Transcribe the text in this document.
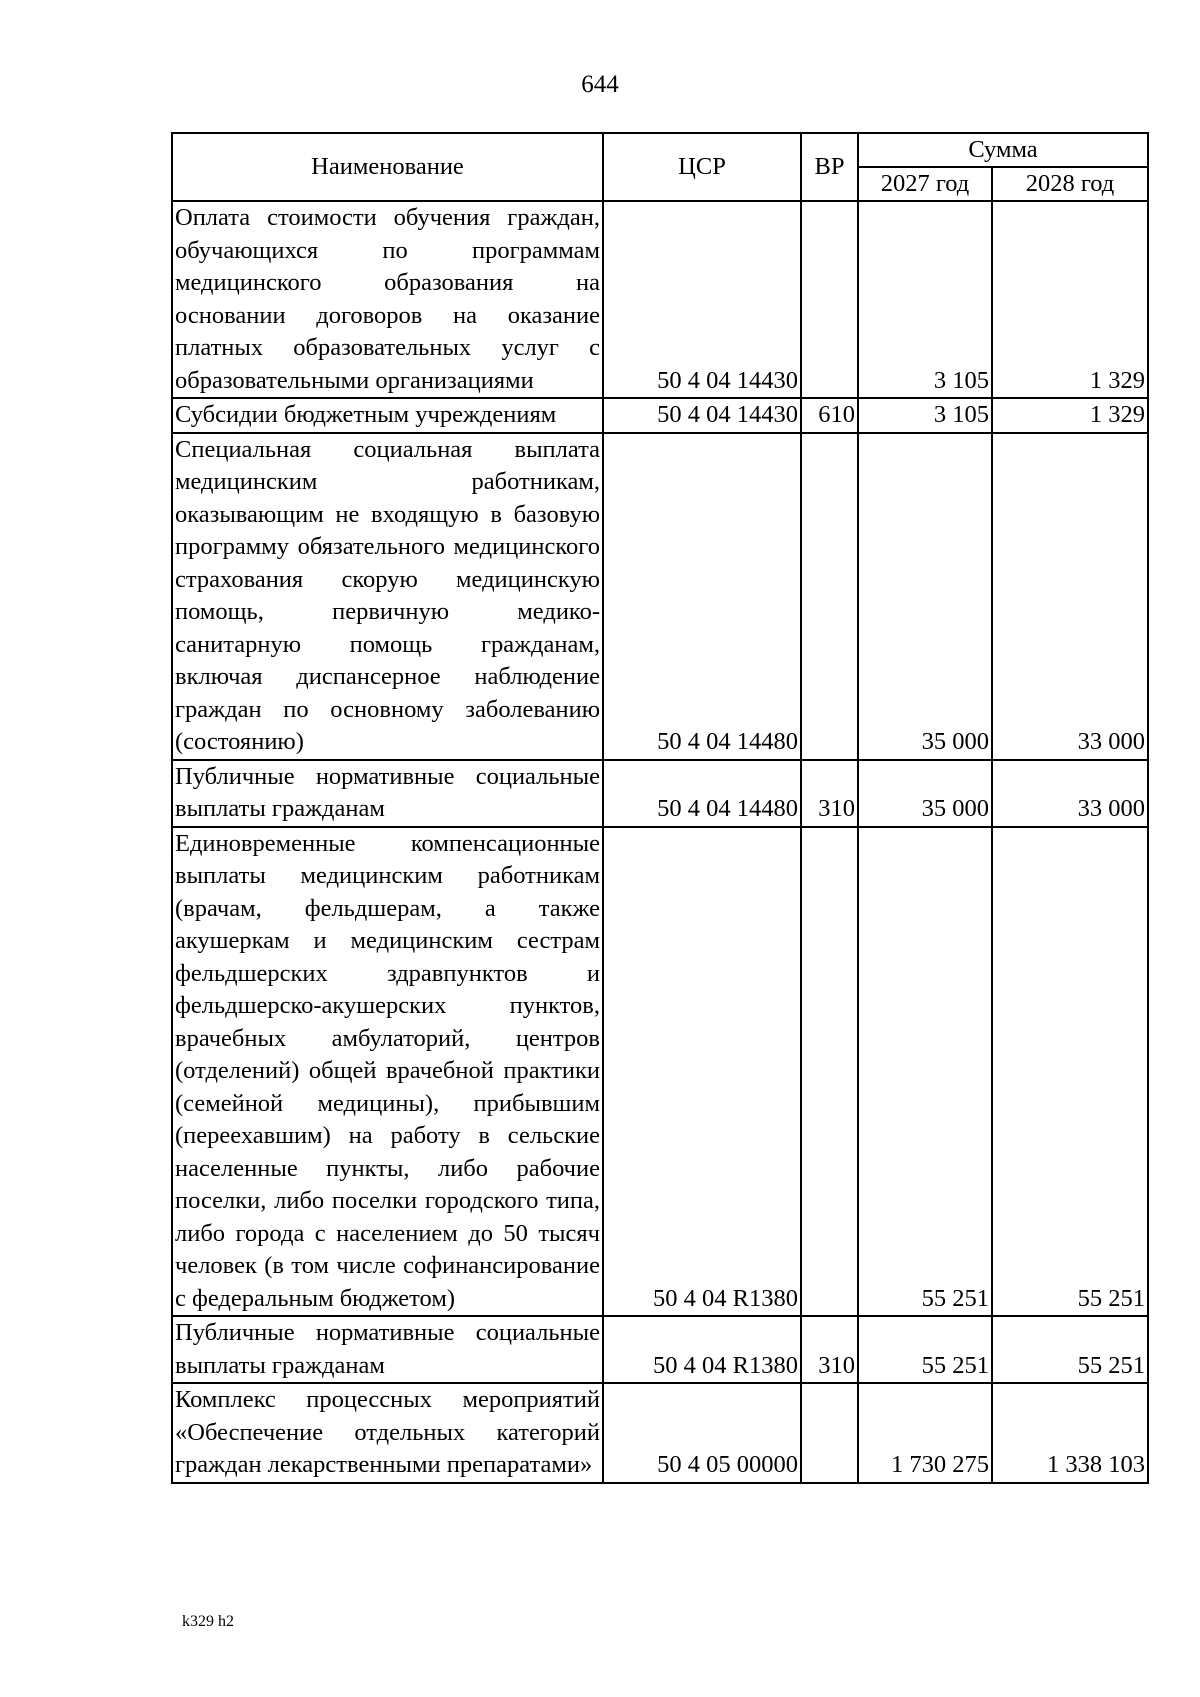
644
Наименование	ЦСР	ВР	Сумма	
			2027 год	2028 год
Оплата стоимости обучения граждан, обучающихся по программам медицинского образования на основании договоров на оказание платных образовательных услуг с образовательными организациями	50 4 04 14430		3 105	1 329
Субсидии бюджетным учреждениям	50 4 04 14430	610	3 105	1 329
Специальная социальная выплата медицинским работникам, оказывающим не входящую в базовую программу обязательного медицинского страхования скорую медицинскую помощь, первичную медико-санитарную помощь гражданам, включая диспансерное наблюдение граждан по основному заболеванию (состоянию)	50 4 04 14480		35 000	33 000
Публичные нормативные социальные выплаты гражданам	50 4 04 14480	310	35 000	33 000
Единовременные компенсационные выплаты медицинским работникам (врачам, фельдшерам, а также акушеркам и медицинским сестрам фельдшерских здравпунктов и фельдшерско-акушерских пунктов, врачебных амбулаторий, центров (отделений) общей врачебной практики (семейной медицины), прибывшим (переехавшим) на работу в сельские населенные пункты, либо рабочие поселки, либо поселки городского типа, либо города с населением до 50 тысяч человек (в том числе софинансирование с федеральным бюджетом)	50 4 04 R1380		55 251	55 251
Публичные нормативные социальные выплаты гражданам	50 4 04 R1380	310	55 251	55 251
Комплекс процессных мероприятий «Обеспечение отдельных категорий граждан лекарственными препаратами»	50 4 05 00000		1 730 275	1 338 103
k329 h2
